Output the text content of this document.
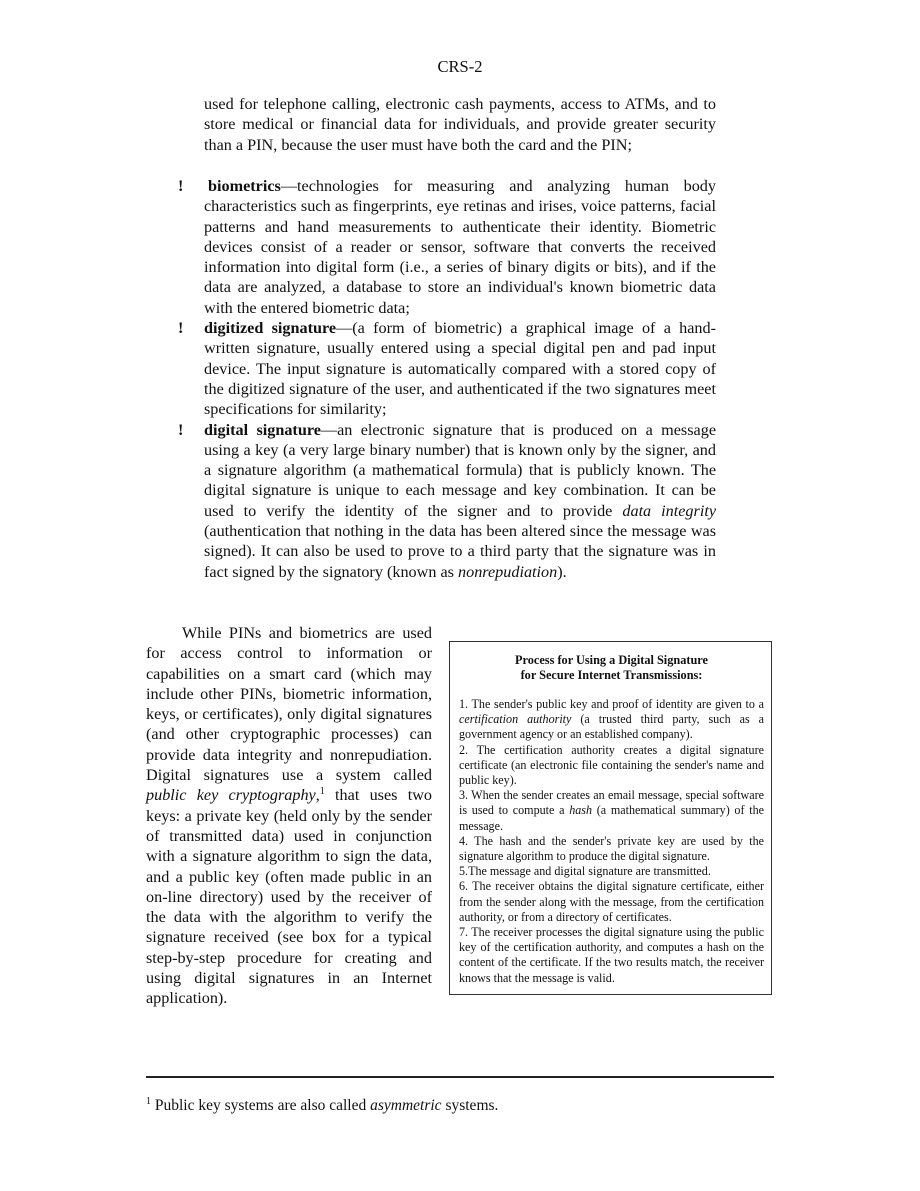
CRS-2

used for telephone calling, electronic cash payments, access to ATMs, and to store medical or financial data for individuals, and provide greater security than a PIN, because the user must have both the card and the PIN;

! biometrics—technologies for measuring and analyzing human body characteristics such as fingerprints, eye retinas and irises, voice patterns, facial patterns and hand measurements to authenticate their identity. Biometric devices consist of a reader or sensor, software that converts the received information into digital form (i.e., a series of binary digits or bits), and if the data are analyzed, a database to store an individual's known biometric data with the entered biometric data;
! digitized signature—(a form of biometric) a graphical image of a hand-written signature, usually entered using a special digital pen and pad input device. The input signature is automatically compared with a stored copy of the digitized signature of the user, and authenticated if the two signatures meet specifications for similarity;
! digital signature—an electronic signature that is produced on a message using a key (a very large binary number) that is known only by the signer, and a signature algorithm (a mathematical formula) that is publicly known. The digital signature is unique to each message and key combination. It can be used to verify the identity of the signer and to provide data integrity (authentication that nothing in the data has been altered since the message was signed). It can also be used to prove to a third party that the signature was in fact signed by the signatory (known as nonrepudiation).

While PINs and biometrics are used for access control to information or capabilities on a smart card (which may include other PINs, biometric information, keys, or certificates), only digital signatures (and other cryptographic processes) can provide data integrity and nonrepudiation. Digital signatures use a system called public key cryptography,$^1$ that uses two keys: a private key (held only by the sender of transmitted data) used in conjunction with a signature algorithm to sign the data, and a public key (often made public in an on-line directory) used by the receiver of the data with the algorithm to verify the signature received (see box for a typical step-by-step procedure for creating and using digital signatures in an Internet application).

Process for Using a Digital Signature
for Secure Internet Transmissions:

1. The sender's public key and proof of identity are given to a certification authority (a trusted third party, such as a government agency or an established company).

2. The certification authority creates a digital signature certificate (an electronic file containing the sender's name and public key).

3. When the sender creates an email message, special software is used to compute a hash (a mathematical summary) of the message.

4. The hash and the sender's private key are used by the signature algorithm to produce the digital signature.

5.The message and digital signature are transmitted.

6. The receiver obtains the digital signature certificate, either from the sender along with the message, from the certification authority, or from a directory of certificates.

7. The receiver processes the digital signature using the public key of the certification authority, and computes a hash on the content of the certificate. If the two results match, the receiver knows that the message is valid.

$^1$ Public key systems are also called asymmetric systems.
